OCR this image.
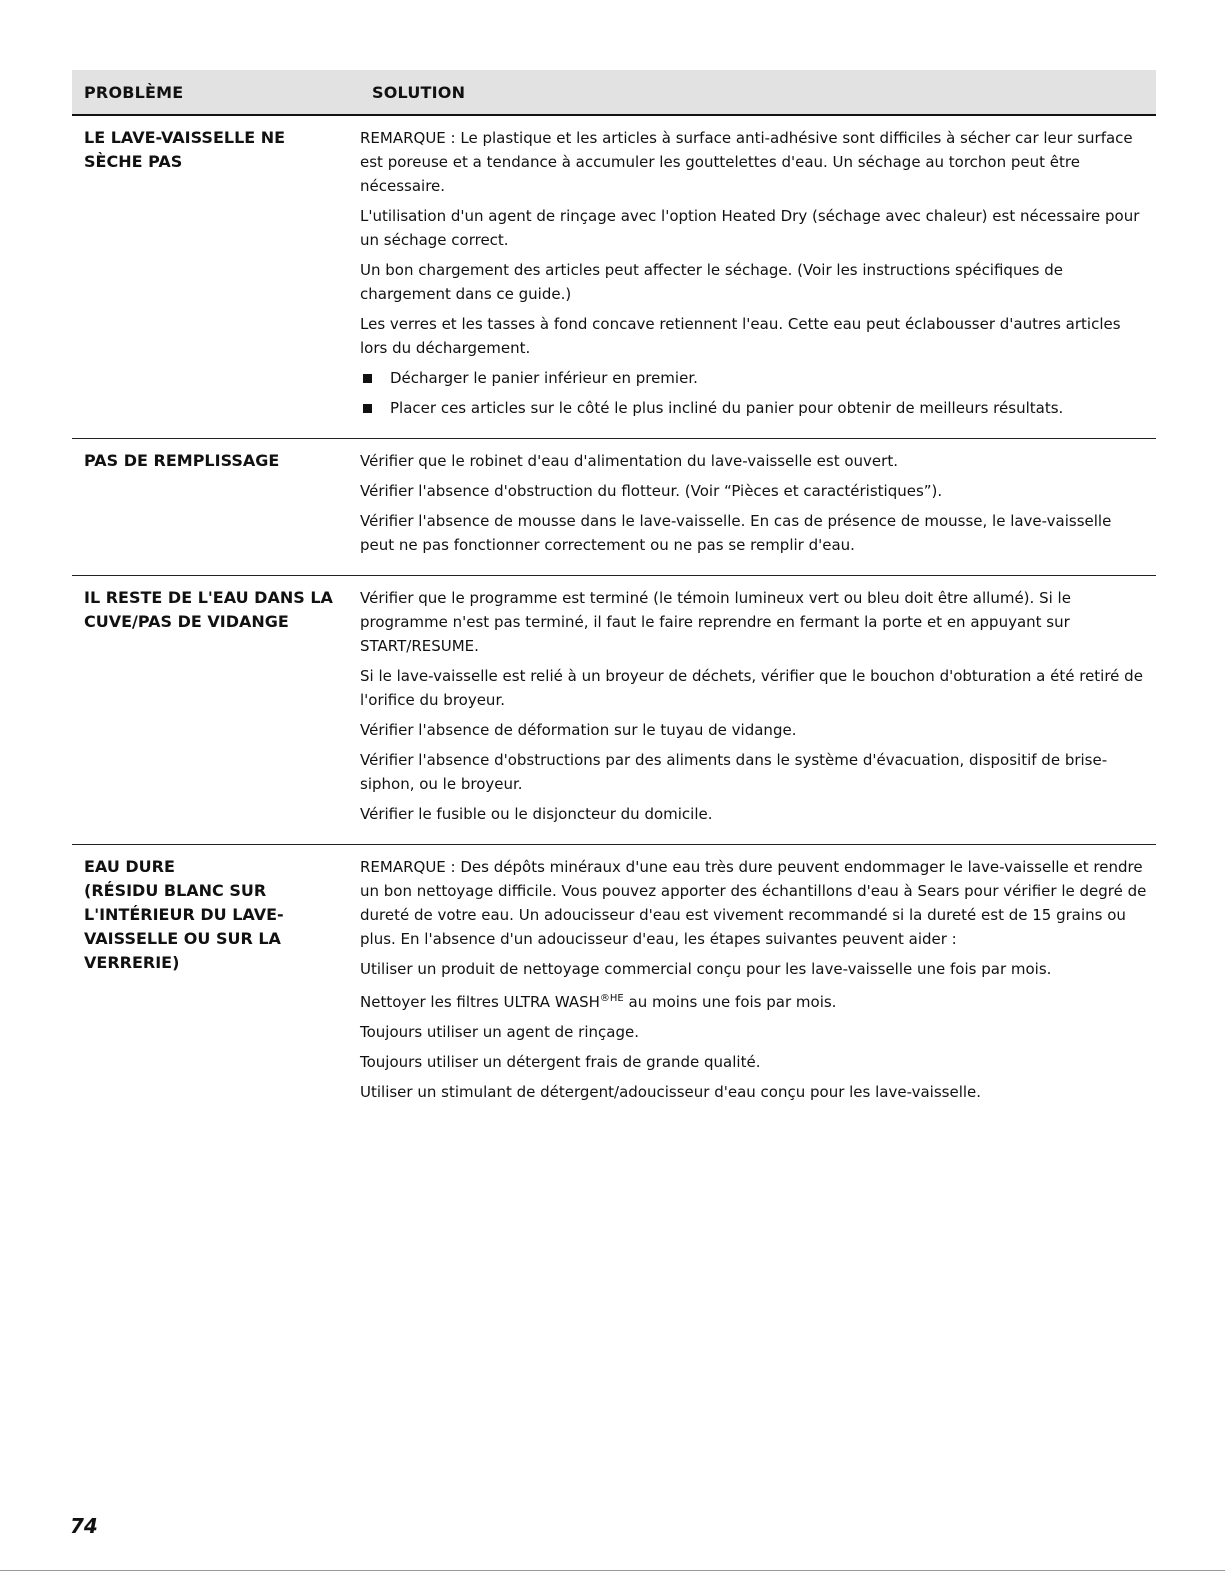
PROBLÈME	SOLUTION
LE LAVE-VAISSELLE NE
SÈCHE PAS

REMARQUE : Le plastique et les articles à surface anti-adhésive sont difficiles à sécher car leur surface est poreuse et a tendance à accumuler les gouttelettes d'eau. Un séchage au torchon peut être nécessaire.

L'utilisation d'un agent de rinçage avec l'option Heated Dry (séchage avec chaleur) est nécessaire pour un séchage correct.

Un bon chargement des articles peut affecter le séchage. (Voir les instructions spécifiques de chargement dans ce guide.)

Les verres et les tasses à fond concave retiennent l'eau. Cette eau peut éclabousser d'autres articles lors du déchargement.

Décharger le panier inférieur en premier.
Placer ces articles sur le côté le plus incliné du panier pour obtenir de meilleurs résultats.
PAS DE REMPLISSAGE	Vérifier que le robinet d'eau d'alimentation du lave-vaisselle est ouvert.

Vérifier l'absence d'obstruction du flotteur. (Voir “Pièces et caractéristiques”).

Vérifier l'absence de mousse dans le lave-vaisselle. En cas de présence de mousse, le lave-vaisselle peut ne pas fonctionner correctement ou ne pas se remplir d'eau.

IL RESTE DE L'EAU DANS LA
CUVE/PAS DE VIDANGE

Vérifier que le programme est terminé (le témoin lumineux vert ou bleu doit être allumé). Si le programme n'est pas terminé, il faut le faire reprendre en fermant la porte et en appuyant sur START/RESUME.

Si le lave-vaisselle est relié à un broyeur de déchets, vérifier que le bouchon d'obturation a été retiré de l'orifice du broyeur.

Vérifier l'absence de déformation sur le tuyau de vidange.

Vérifier l'absence d'obstructions par des aliments dans le système d'évacuation, dispositif de brise-siphon, ou le broyeur.

Vérifier le fusible ou le disjoncteur du domicile.

EAU DURE
(RÉSIDU BLANC SUR
L'INTÉRIEUR DU LAVE-
VAISSELLE OU SUR LA
VERRERIE)

REMARQUE : Des dépôts minéraux d'une eau très dure peuvent endommager le lave-vaisselle et rendre un bon nettoyage difficile. Vous pouvez apporter des échantillons d'eau à Sears pour vérifier le degré de dureté de votre eau. Un adoucisseur d'eau est vivement recommandé si la dureté est de 15 grains ou plus. En l'absence d'un adoucisseur d'eau, les étapes suivantes peuvent aider :

Utiliser un produit de nettoyage commercial conçu pour les lave-vaisselle une fois par mois.

Nettoyer les filtres ULTRA $WASH^{®HE}$ au moins une fois par mois.

Toujours utiliser un agent de rinçage.

Toujours utiliser un détergent frais de grande qualité.

Utiliser un stimulant de détergent/adoucisseur d'eau conçu pour les lave-vaisselle.

74
